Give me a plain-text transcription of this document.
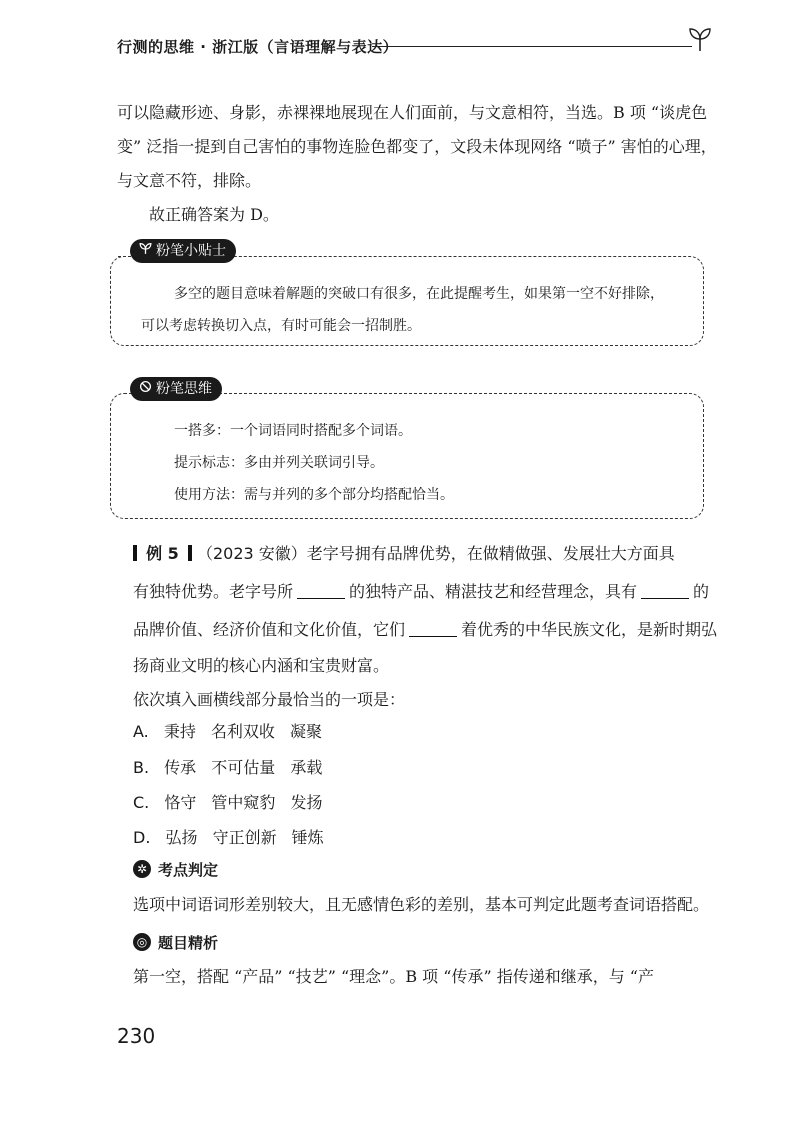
行测的思维 · 浙江版（言语理解与表达）
可以隐藏形迹、身影，赤裸裸地展现在人们面前，与文意相符，当选。B 项 “谈虎色
变” 泛指一提到自己害怕的事物连脸色都变了，文段未体现网络 “喷子” 害怕的心理，
与文意不符，排除。
故正确答案为 D。
粉笔小贴士
多空的题目意味着解题的突破口有很多，在此提醒考生，如果第一空不好排除，
可以考虑转换切入点，有时可能会一招制胜。
粉笔思维
一搭多：一个词语同时搭配多个词语。
提示标志：多由并列关联词引导。
使用方法：需与并列的多个部分均搭配恰当。
例 5 （2023 安徽）老字号拥有品牌优势，在做精做强、发展壮大方面具
有独特优势。老字号所	的独特产品、精湛技艺和经营理念，具有	的
品牌价值、经济价值和文化价值，它们	着优秀的中华民族文化，是新时期弘
扬商业文明的核心内涵和宝贵财富。
依次填入画横线部分最恰当的一项是：
A. 秉持 名利双收 凝聚
B. 传承 不可估量 承载
C. 恪守 管中窥豹 发扬
D. 弘扬 守正创新 锤炼
✲ 考点判定
选项中词语词形差别较大，且无感情色彩的差别，基本可判定此题考查词语搭配。
◎ 题目精析
第一空，搭配 “产品” “技艺” “理念”。B 项 “传承” 指传递和继承，与 “产
230
